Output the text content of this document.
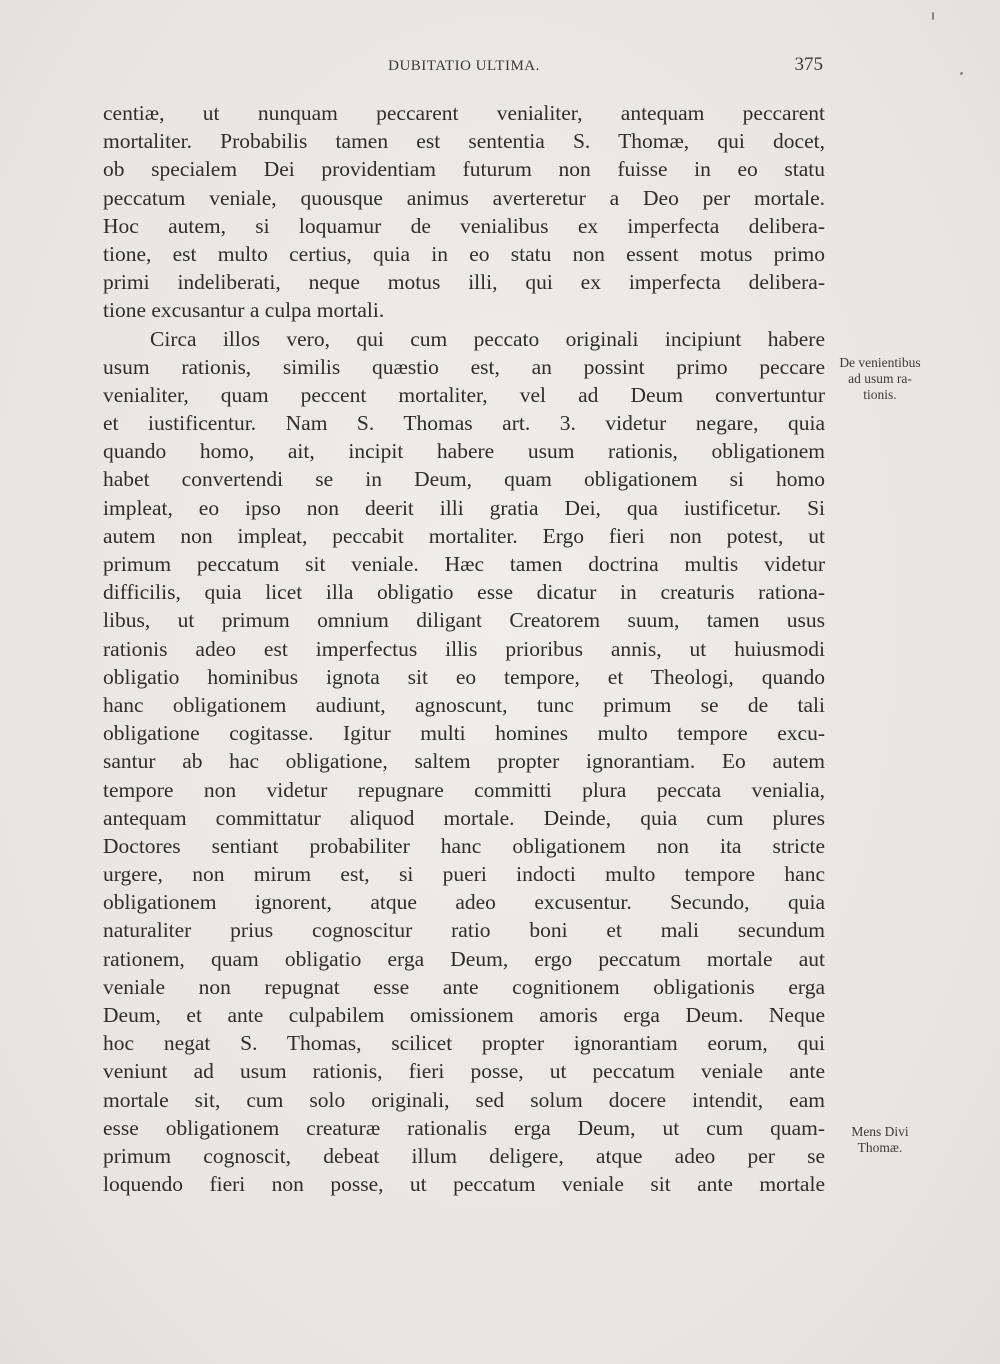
DUBITATIO ULTIMA.	375
centiæ, ut nunquam peccarent venialiter, antequam peccarent
mortaliter. Probabilis tamen est sententia S. Thomæ, qui docet,
ob specialem Dei providentiam futurum non fuisse in eo statu
peccatum veniale, quousque animus averteretur a Deo per mortale.
Hoc autem, si loquamur de venialibus ex imperfecta delibera-
tione, est multo certius, quia in eo statu non essent motus primo
primi indeliberati, neque motus illi, qui ex imperfecta delibera-
tione excusantur a culpa mortali.
Circa illos vero, qui cum peccato originali incipiunt habere
usum rationis, similis quæstio est, an possint primo peccare
venialiter, quam peccent mortaliter, vel ad Deum convertuntur
et iustificentur. Nam S. Thomas art. 3. videtur negare, quia
quando homo, ait, incipit habere usum rationis, obligationem
habet convertendi se in Deum, quam obligationem si homo
impleat, eo ipso non deerit illi gratia Dei, qua iustificetur. Si
autem non impleat, peccabit mortaliter. Ergo fieri non potest, ut
primum peccatum sit veniale. Hæc tamen doctrina multis videtur
difficilis, quia licet illa obligatio esse dicatur in creaturis rationa-
libus, ut primum omnium diligant Creatorem suum, tamen usus
rationis adeo est imperfectus illis prioribus annis, ut huiusmodi
obligatio hominibus ignota sit eo tempore, et Theologi, quando
hanc obligationem audiunt, agnoscunt, tunc primum se de tali
obligatione cogitasse. Igitur multi homines multo tempore excu-
santur ab hac obligatione, saltem propter ignorantiam. Eo autem
tempore non videtur repugnare committi plura peccata venialia,
antequam committatur aliquod mortale. Deinde, quia cum plures
Doctores sentiant probabiliter hanc obligationem non ita stricte
urgere, non mirum est, si pueri indocti multo tempore hanc
obligationem ignorent, atque adeo excusentur. Secundo, quia
naturaliter prius cognoscitur ratio boni et mali secundum
rationem, quam obligatio erga Deum, ergo peccatum mortale aut
veniale non repugnat esse ante cognitionem obligationis erga
Deum, et ante culpabilem omissionem amoris erga Deum. Neque
hoc negat S. Thomas, scilicet propter ignorantiam eorum, qui
veniunt ad usum rationis, fieri posse, ut peccatum veniale ante
mortale sit, cum solo originali, sed solum docere intendit, eam
esse obligationem creaturæ rationalis erga Deum, ut cum quam-
primum cognoscit, debeat illum deligere, atque adeo per se
loquendo fieri non posse, ut peccatum veniale sit ante mortale
De venientibus
ad usum ra-
tionis.
Mens Divi
Thomæ.
